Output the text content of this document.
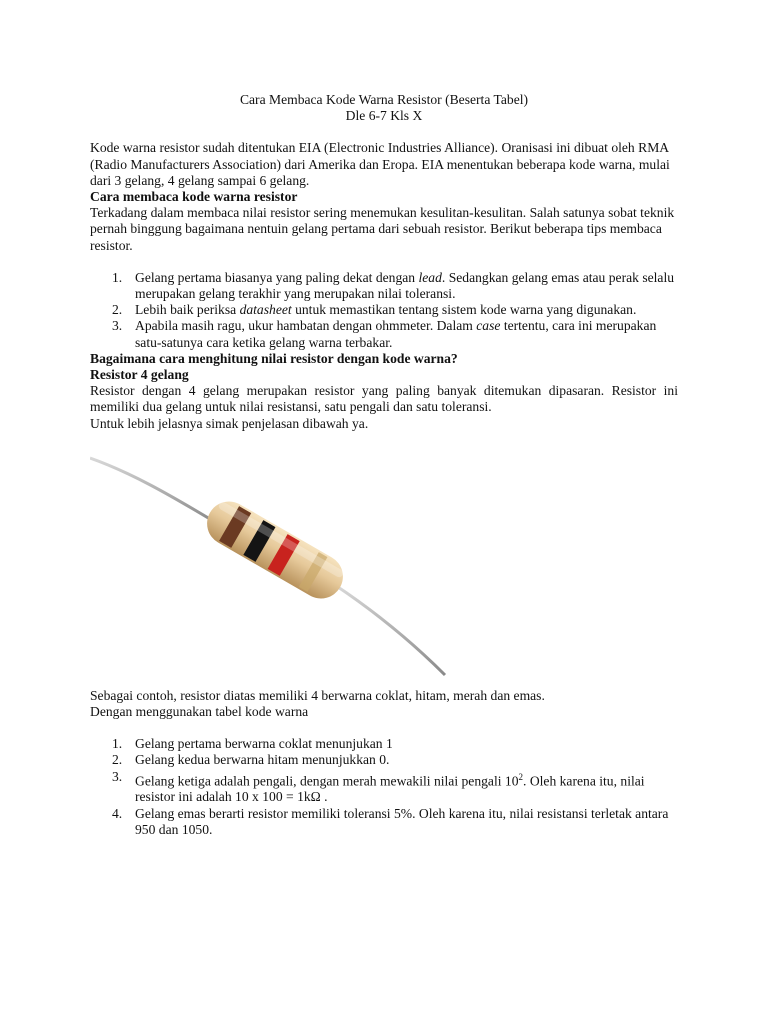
Cara Membaca Kode Warna Resistor (Beserta Tabel)

Dle 6-7 Kls X

Kode warna resistor sudah ditentukan EIA (Electronic Industries Alliance). Oranisasi ini dibuat oleh RMA (Radio Manufacturers Association) dari Amerika dan Eropa. EIA menentukan beberapa kode warna, mulai dari 3 gelang, 4 gelang sampai 6 gelang.

Cara membaca kode warna resistor

Terkadang dalam membaca nilai resistor sering menemukan kesulitan-kesulitan. Salah satunya sobat teknik pernah binggung bagaimana nentuin gelang pertama dari sebuah resistor. Berikut beberapa tips membaca resistor.

1. Gelang pertama biasanya yang paling dekat dengan lead. Sedangkan gelang emas atau perak selalu merupakan gelang terakhir yang merupakan nilai toleransi.
2. Lebih baik periksa datasheet untuk memastikan tentang sistem kode warna yang digunakan.
3. Apabila masih ragu, ukur hambatan dengan ohmmeter. Dalam case tertentu, cara ini merupakan satu-satunya cara ketika gelang warna terbakar.

Bagaimana cara menghitung nilai resistor dengan kode warna?

Resistor 4 gelang

Resistor dengan 4 gelang merupakan resistor yang paling banyak ditemukan dipasaran. Resistor ini memiliki dua gelang untuk nilai resistansi, satu pengali dan satu toleransi.

Untuk lebih jelasnya simak penjelasan dibawah ya.

Sebagai contoh, resistor diatas memiliki 4 berwarna coklat, hitam, merah dan emas.

Dengan menggunakan tabel kode warna

1. Gelang pertama berwarna coklat menunjukan 1
2. Gelang kedua berwarna hitam menunjukkan 0.
3. Gelang ketiga adalah pengali, dengan merah mewakili nilai pengali $10^2$. Oleh karena itu, nilai resistor ini adalah 10 x 100 = 1kΩ .
4. Gelang emas berarti resistor memiliki toleransi 5%. Oleh karena itu, nilai resistansi terletak antara 950 dan 1050.
